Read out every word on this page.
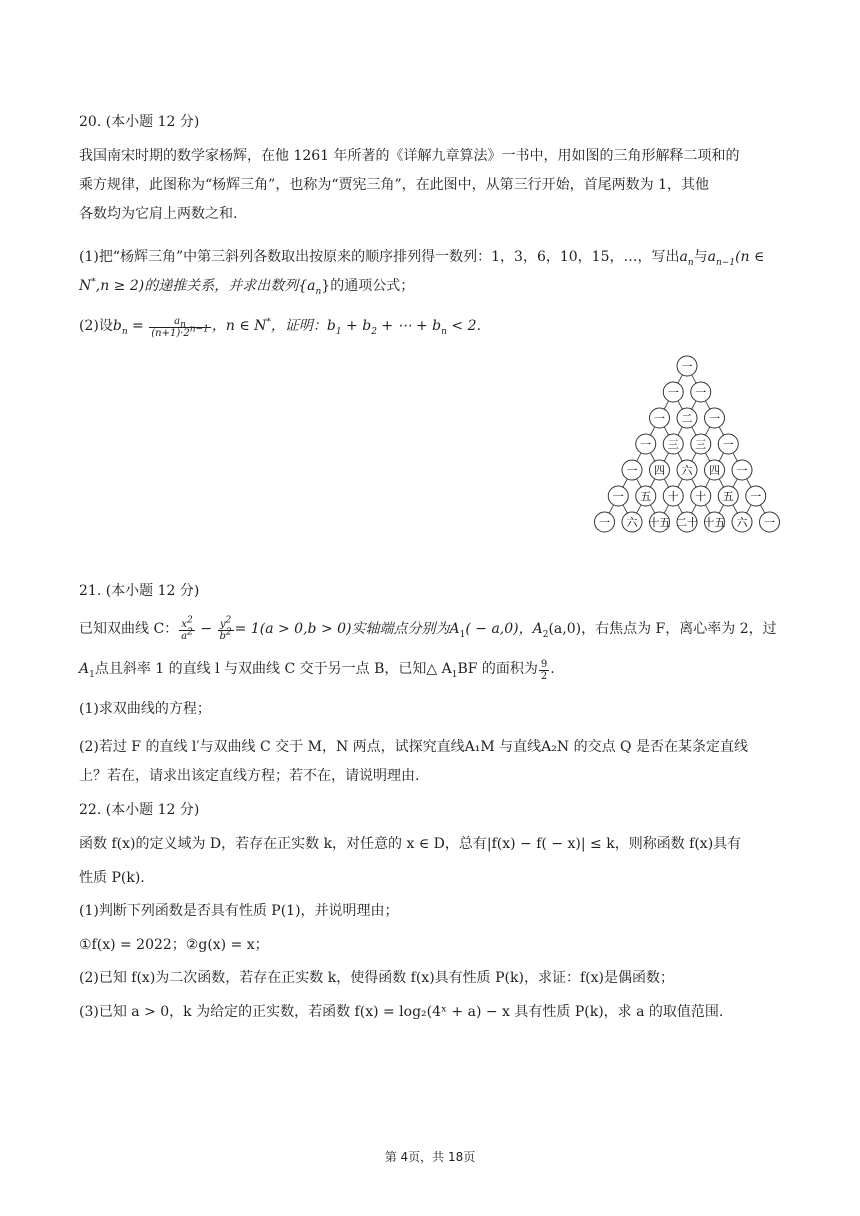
20. (本小题 12 分)

我国南宋时期的数学家杨辉，在他 1261 年所著的《详解九章算法》一书中，用如图的三角形解释二项和的

乘方规律，此图称为“杨辉三角”，也称为“贾宪三角”，在此图中，从第三行开始，首尾两数为 1，其他

各数均为它肩上两数之和.

(1)把“杨辉三角”中第三斜列各数取出按原来的顺序排列得一数列：1，3，6，10，15，…，写出$a_n$与$a_{n-1}(n$ ∈

N*,n ≥ 2)的递推关系，并求出数列$\{a_n\}$的通项公式；

(2)设$b_n = \frac{a_n}{(n+1)\cdot 2^{n-1}}$ ，n ∈ N*，证明：$b_1 + b_2$ + ⋯ + $b_n < 2$.

一
一 一
一 二 一
一 三 三 一
一 四 六 四 一
一 五 十 十 五 一
一 六 十五 二十 十五 六 一

21. (本小题 12 分)

已知双曲线 C： $\frac{x^2}{a^2} - \frac{y^2}{b^2} = 1(a > 0,b > 0)$实轴端点分别为$A_1( - a,0)$，$A_2(a,0)$，右焦点为 F，离心率为 2，过

$A_1$点且斜率 1 的直线 l 与双曲线 C 交于另一点 B，已知△ $A_1BF$ 的面积为 $\frac{9}{2}$ .

(1)求双曲线的方程；

(2)若过 F 的直线 l′与双曲线 C 交于 M，N 两点，试探究直线A₁M 与直线A₂N 的交点 Q 是否在某条定直线

上？若在，请求出该定直线方程；若不在，请说明理由.

22. (本小题 12 分)

函数 f(x)的定义域为 D，若存在正实数 k，对任意的 x ∈ D，总有|f(x) − f( − x)| ≤ k，则称函数 f(x)具有

性质 P(k).

(1)判断下列函数是否具有性质 P(1)，并说明理由；

①f(x) = 2022；②g(x) = x；

(2)已知 f(x)为二次函数，若存在正实数 k，使得函数 f(x)具有性质 P(k)，求证：f(x)是偶函数；

(3)已知 a > 0，k 为给定的正实数，若函数 f(x) = log₂(4ˣ + a) − x 具有性质 P(k)，求 a 的取值范围.

第 4页，共 18页
